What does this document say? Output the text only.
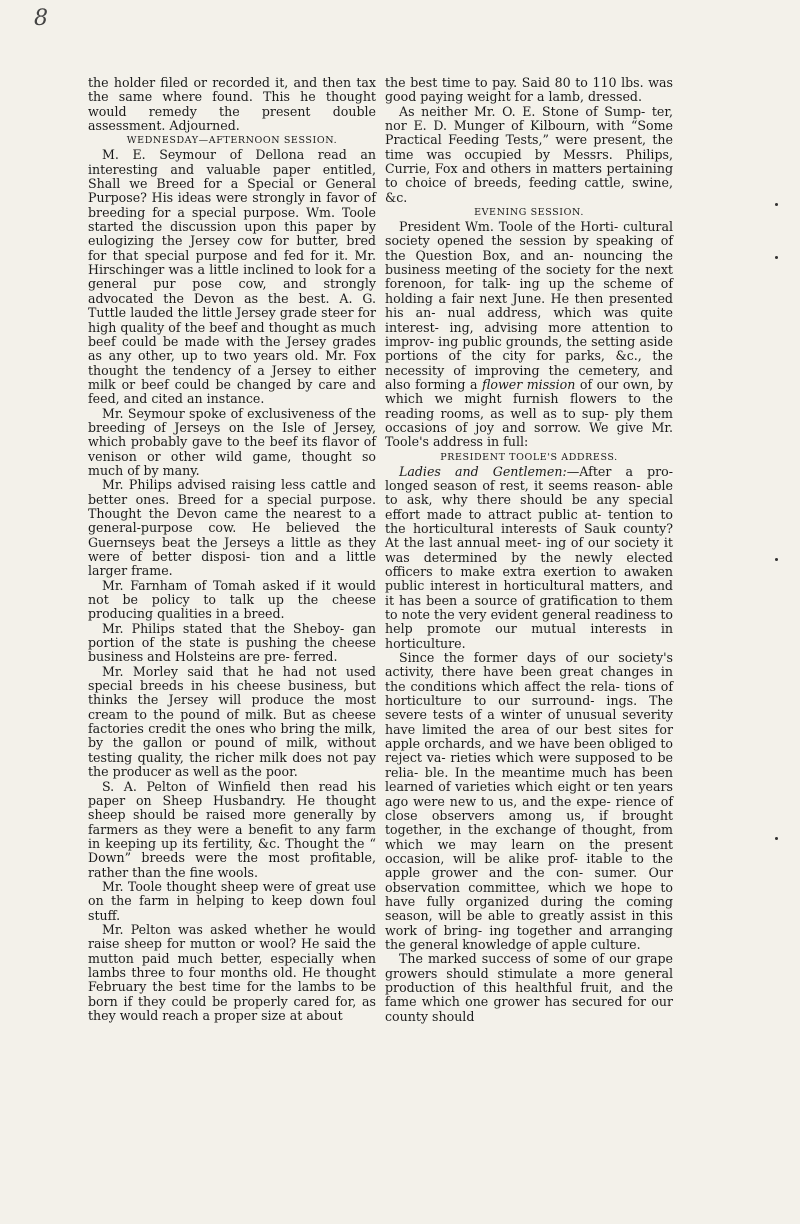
8

the holder filed or recorded it, and then tax the same where found. This he thought would remedy the present double assessment. Adjourned.

WEDNESDAY—AFTERNOON SESSION.

M. E. Seymour of Dellona read an interesting and valuable paper entitled, Shall we Breed for a Special or General Purpose? His ideas were strongly in favor of breeding for a special purpose. Wm. Toole started the discussion upon this paper by eulogizing the Jersey cow for butter, bred for that special purpose and fed for it. Mr. Hirschinger was a little inclined to look for a general pur pose cow, and strongly advocated the Devon as the best. A. G. Tuttle lauded the little Jersey grade steer for high quality of the beef and thought as much beef could be made with the Jersey grades as any other, up to two years old. Mr. Fox thought the tendency of a Jersey to either milk or beef could be changed by care and feed, and cited an instance.

Mr. Seymour spoke of exclusiveness of the breeding of Jerseys on the Isle of Jersey, which probably gave to the beef its flavor of venison or other wild game, thought so much of by many.

Mr. Philips advised raising less cattle and better ones. Breed for a special purpose. Thought the Devon came the nearest to a general-purpose cow. He believed the Guernseys beat the Jerseys a little as they were of better disposi- tion and a little larger frame.

Mr. Farnham of Tomah asked if it would not be policy to talk up the cheese producing qualities in a breed.

Mr. Philips stated that the Sheboy- gan portion of the state is pushing the cheese business and Holsteins are pre- ferred.

Mr. Morley said that he had not used special breeds in his cheese business, but thinks the Jersey will produce the most cream to the pound of milk. But as cheese factories credit the ones who bring the milk, by the gallon or pound of milk, without testing quality, the richer milk does not pay the producer as well as the poor.

S. A. Pelton of Winfield then read his paper on Sheep Husbandry. He thought sheep should be raised more generally by farmers as they were a benefit to any farm in keeping up its fertility, &c. Thought the “ Down” breeds were the most profitable, rather than the fine wools.

Mr. Toole thought sheep were of great use on the farm in helping to keep down foul stuff.

Mr. Pelton was asked whether he would raise sheep for mutton or wool? He said the mutton paid much better, especially when lambs three to four months old. He thought February the best time for the lambs to be born if they could be properly cared for, as they would reach a proper size at about

the best time to pay. Said 80 to 110 lbs. was good paying weight for a lamb, dressed.

As neither Mr. O. E. Stone of Sump- ter, nor E. D. Munger of Kilbourn, with “Some Practical Feeding Tests,” were present, the time was occupied by Messrs. Philips, Currie, Fox and others in matters pertaining to choice of breeds, feeding cattle, swine, &c.

EVENING SESSION.

President Wm. Toole of the Horti- cultural society opened the session by speaking of the Question Box, and an- nouncing the business meeting of the society for the next forenoon, for talk- ing up the scheme of holding a fair next June. He then presented his an- nual address, which was quite interest- ing, advising more attention to improv- ing public grounds, the setting aside portions of the city for parks, &c., the necessity of improving the cemetery, and also forming a flower mission of our own, by which we might furnish flowers to the reading rooms, as well as to sup- ply them occasions of joy and sorrow. We give Mr. Toole's address in full:

PRESIDENT TOOLE'S ADDRESS.

Ladies and Gentlemen:—After a pro- longed season of rest, it seems reason- able to ask, why there should be any special effort made to attract public at- tention to the horticultural interests of Sauk county? At the last annual meet- ing of our society it was determined by the newly elected officers to make extra exertion to awaken public interest in horticultural matters, and it has been a source of gratification to them to note the very evident general readiness to help promote our mutual interests in horticulture.

Since the former days of our society's activity, there have been great changes in the conditions which affect the rela- tions of horticulture to our surround- ings. The severe tests of a winter of unusual severity have limited the area of our best sites for apple orchards, and we have been obliged to reject va- rieties which were supposed to be relia- ble. In the meantime much has been learned of varieties which eight or ten years ago were new to us, and the expe- rience of close observers among us, if brought together, in the exchange of thought, from which we may learn on the present occasion, will be alike prof- itable to the apple grower and the con- sumer. Our observation committee, which we hope to have fully organized during the coming season, will be able to greatly assist in this work of bring- ing together and arranging the general knowledge of apple culture.

The marked success of some of our grape growers should stimulate a more general production of this healthful fruit, and the fame which one grower has secured for our county should
